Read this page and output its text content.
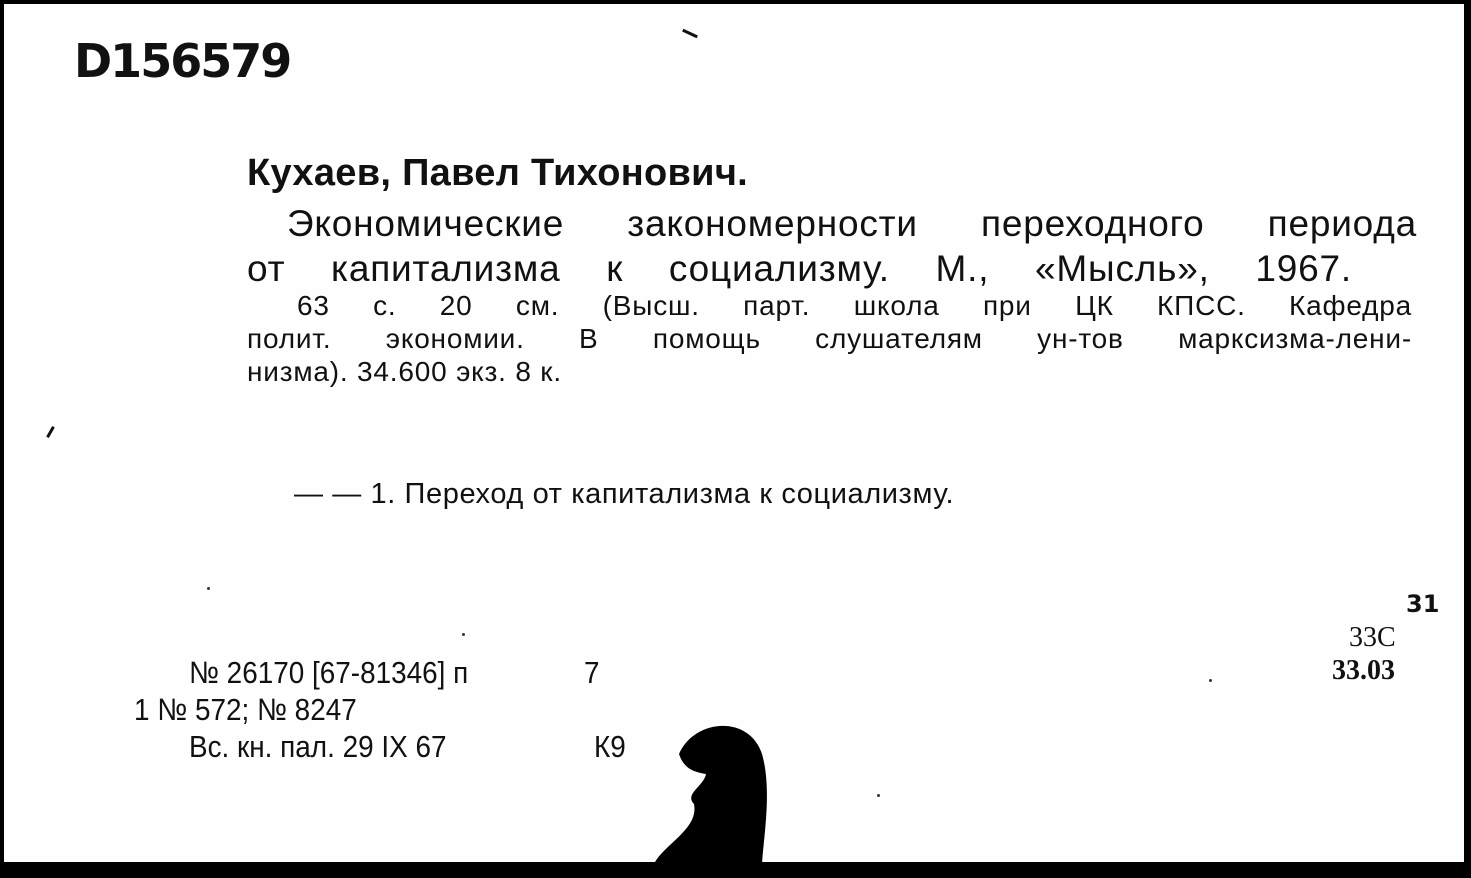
D156579
Кухаев, Павел Тихонович.
Экономические закономерности переходного периода
от капитализма к социализму. М., «Мысль», 1967.
63 с. 20 см. (Высш. парт. школа при ЦК КПСС. Кафедра
полит. экономии. В помощь слушателям ун-тов марксизма-лени-
низма). 34.600 экз. 8 к.
— — 1. Переход от капитализма к социализму.
№ 26170 [67-81346] п	7
1 № 572; № 8247
Вс. кн. пал. 29 IX 67	К9
33С
31
33.03
